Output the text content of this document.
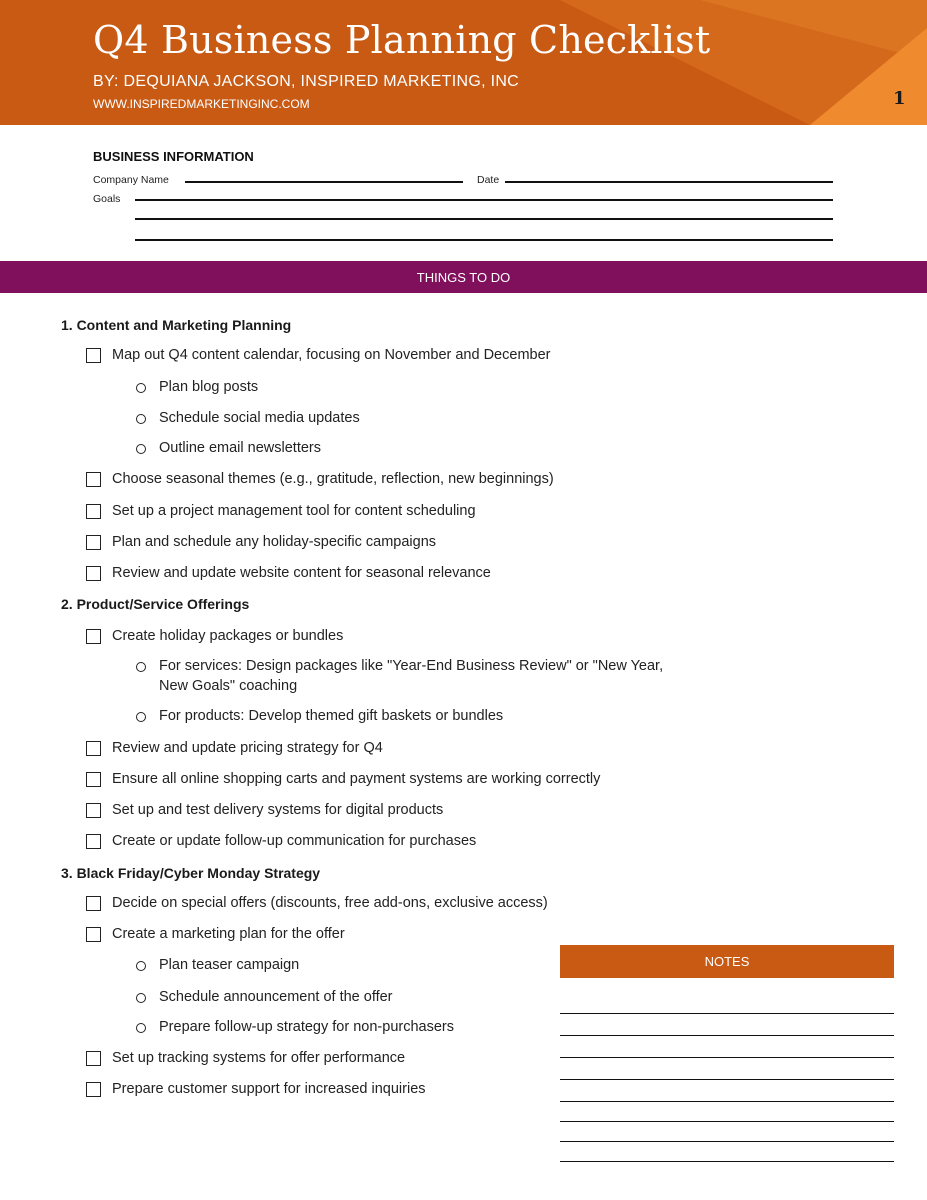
Q4 Business Planning Checklist
BY: DEQUIANA JACKSON, INSPIRED MARKETING, INC
WWW.INSPIREDMARKETINGINC.COM	1
BUSINESS INFORMATION
Company Name	Date
Goals
THINGS TO DO
1. Content and Marketing Planning
Map out Q4 content calendar, focusing on November and December
Plan blog posts
Schedule social media updates
Outline email newsletters
Choose seasonal themes (e.g., gratitude, reflection, new beginnings)
Set up a project management tool for content scheduling
Plan and schedule any holiday-specific campaigns
Review and update website content for seasonal relevance
2. Product/Service Offerings
Create holiday packages or bundles
For services: Design packages like "Year-End Business Review" or "New Year,
New Goals" coaching
For products: Develop themed gift baskets or bundles
Review and update pricing strategy for Q4
Ensure all online shopping carts and payment systems are working correctly
Set up and test delivery systems for digital products
Create or update follow-up communication for purchases
3. Black Friday/Cyber Monday Strategy
Decide on special offers (discounts, free add-ons, exclusive access)
Create a marketing plan for the offer
Plan teaser campaign
Schedule announcement of the offer
Prepare follow-up strategy for non-purchasers
Set up tracking systems for offer performance
Prepare customer support for increased inquiries
NOTES
